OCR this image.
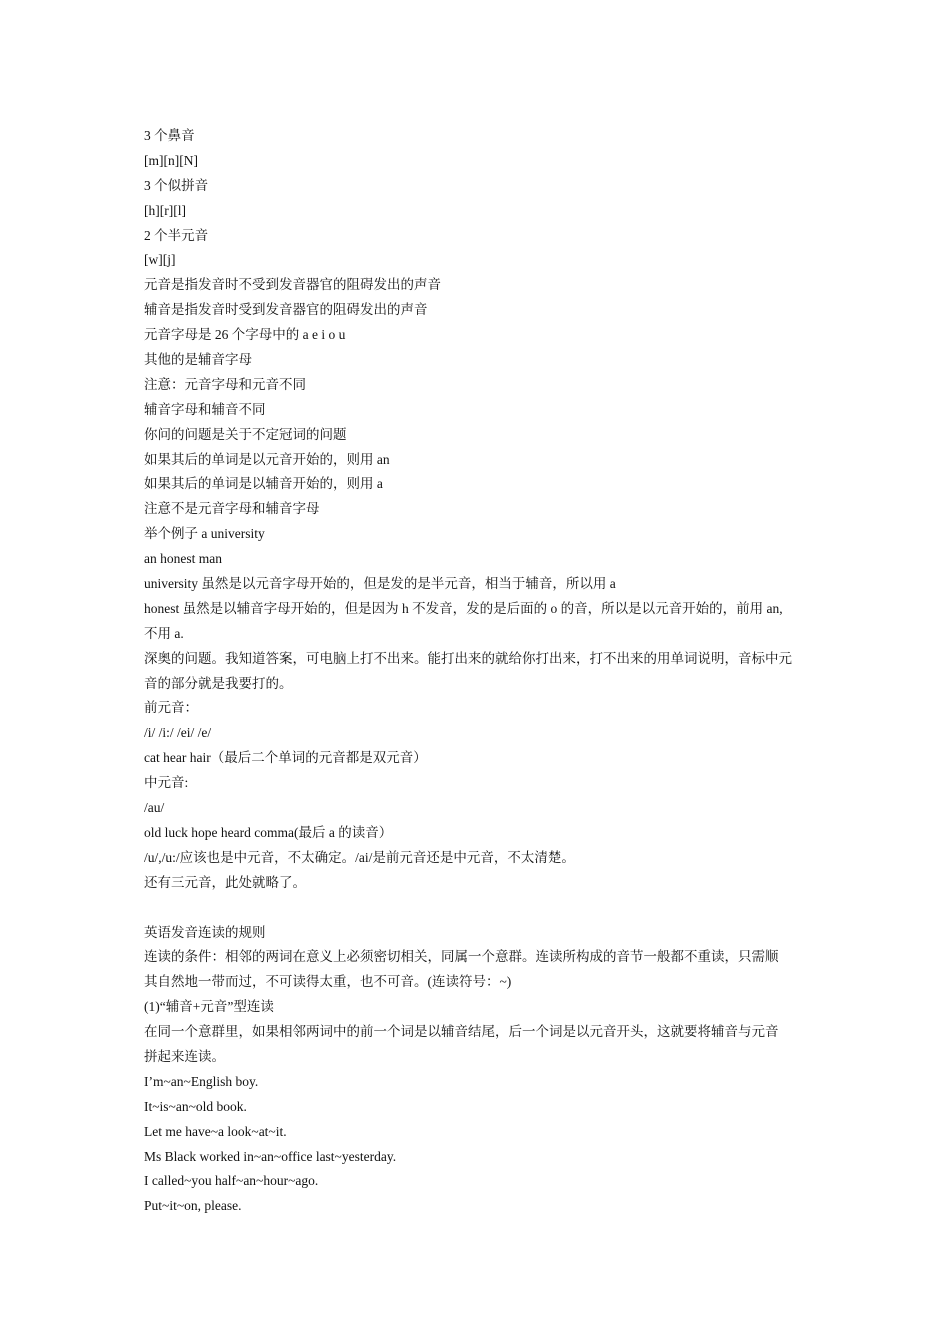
3 个鼻音
[m][n][N]
3 个似拼音
[h][r][l]
2 个半元音
[w][j]
元音是指发音时不受到发音器官的阻碍发出的声音
辅音是指发音时受到发音器官的阻碍发出的声音
元音字母是 26 个字母中的 a e i o u
其他的是辅音字母
注意：元音字母和元音不同
辅音字母和辅音不同
你问的问题是关于不定冠词的问题
如果其后的单词是以元音开始的，则用 an
如果其后的单词是以辅音开始的，则用 a
注意不是元音字母和辅音字母
举个例子 a university
an honest man
university 虽然是以元音字母开始的，但是发的是半元音，相当于辅音，所以用 a
honest 虽然是以辅音字母开始的，但是因为 h 不发音，发的是后面的 o 的音，所以是以元音开始的，前用 an,
不用 a.
深奥的问题。我知道答案，可电脑上打不出来。能打出来的就给你打出来，打不出来的用单词说明，音标中元
音的部分就是我要打的。
前元音：
/i/ /i:/ /ei/ /e/
cat hear hair（最后二个单词的元音都是双元音）
中元音:
/au/
old luck hope heard comma(最后 a 的读音）
/u/,/u:/应该也是中元音，不太确定。/ai/是前元音还是中元音，不太清楚。
还有三元音，此处就略了。
英语发音连读的规则
连读的条件：相邻的两词在意义上必须密切相关，同属一个意群。连读所构成的音节一般都不重读，只需顺
其自然地一带而过，不可读得太重，也不可音。(连读符号：~)
(1)“辅音+元音”型连读
在同一个意群里，如果相邻两词中的前一个词是以辅音结尾，后一个词是以元音开头，这就要将辅音与元音
拼起来连读。
I’m~an~English boy.
It~is~an~old book.
Let me have~a look~at~it.
Ms Black worked in~an~office last~yesterday.
I called~you half~an~hour~ago.
Put~it~on, please.
